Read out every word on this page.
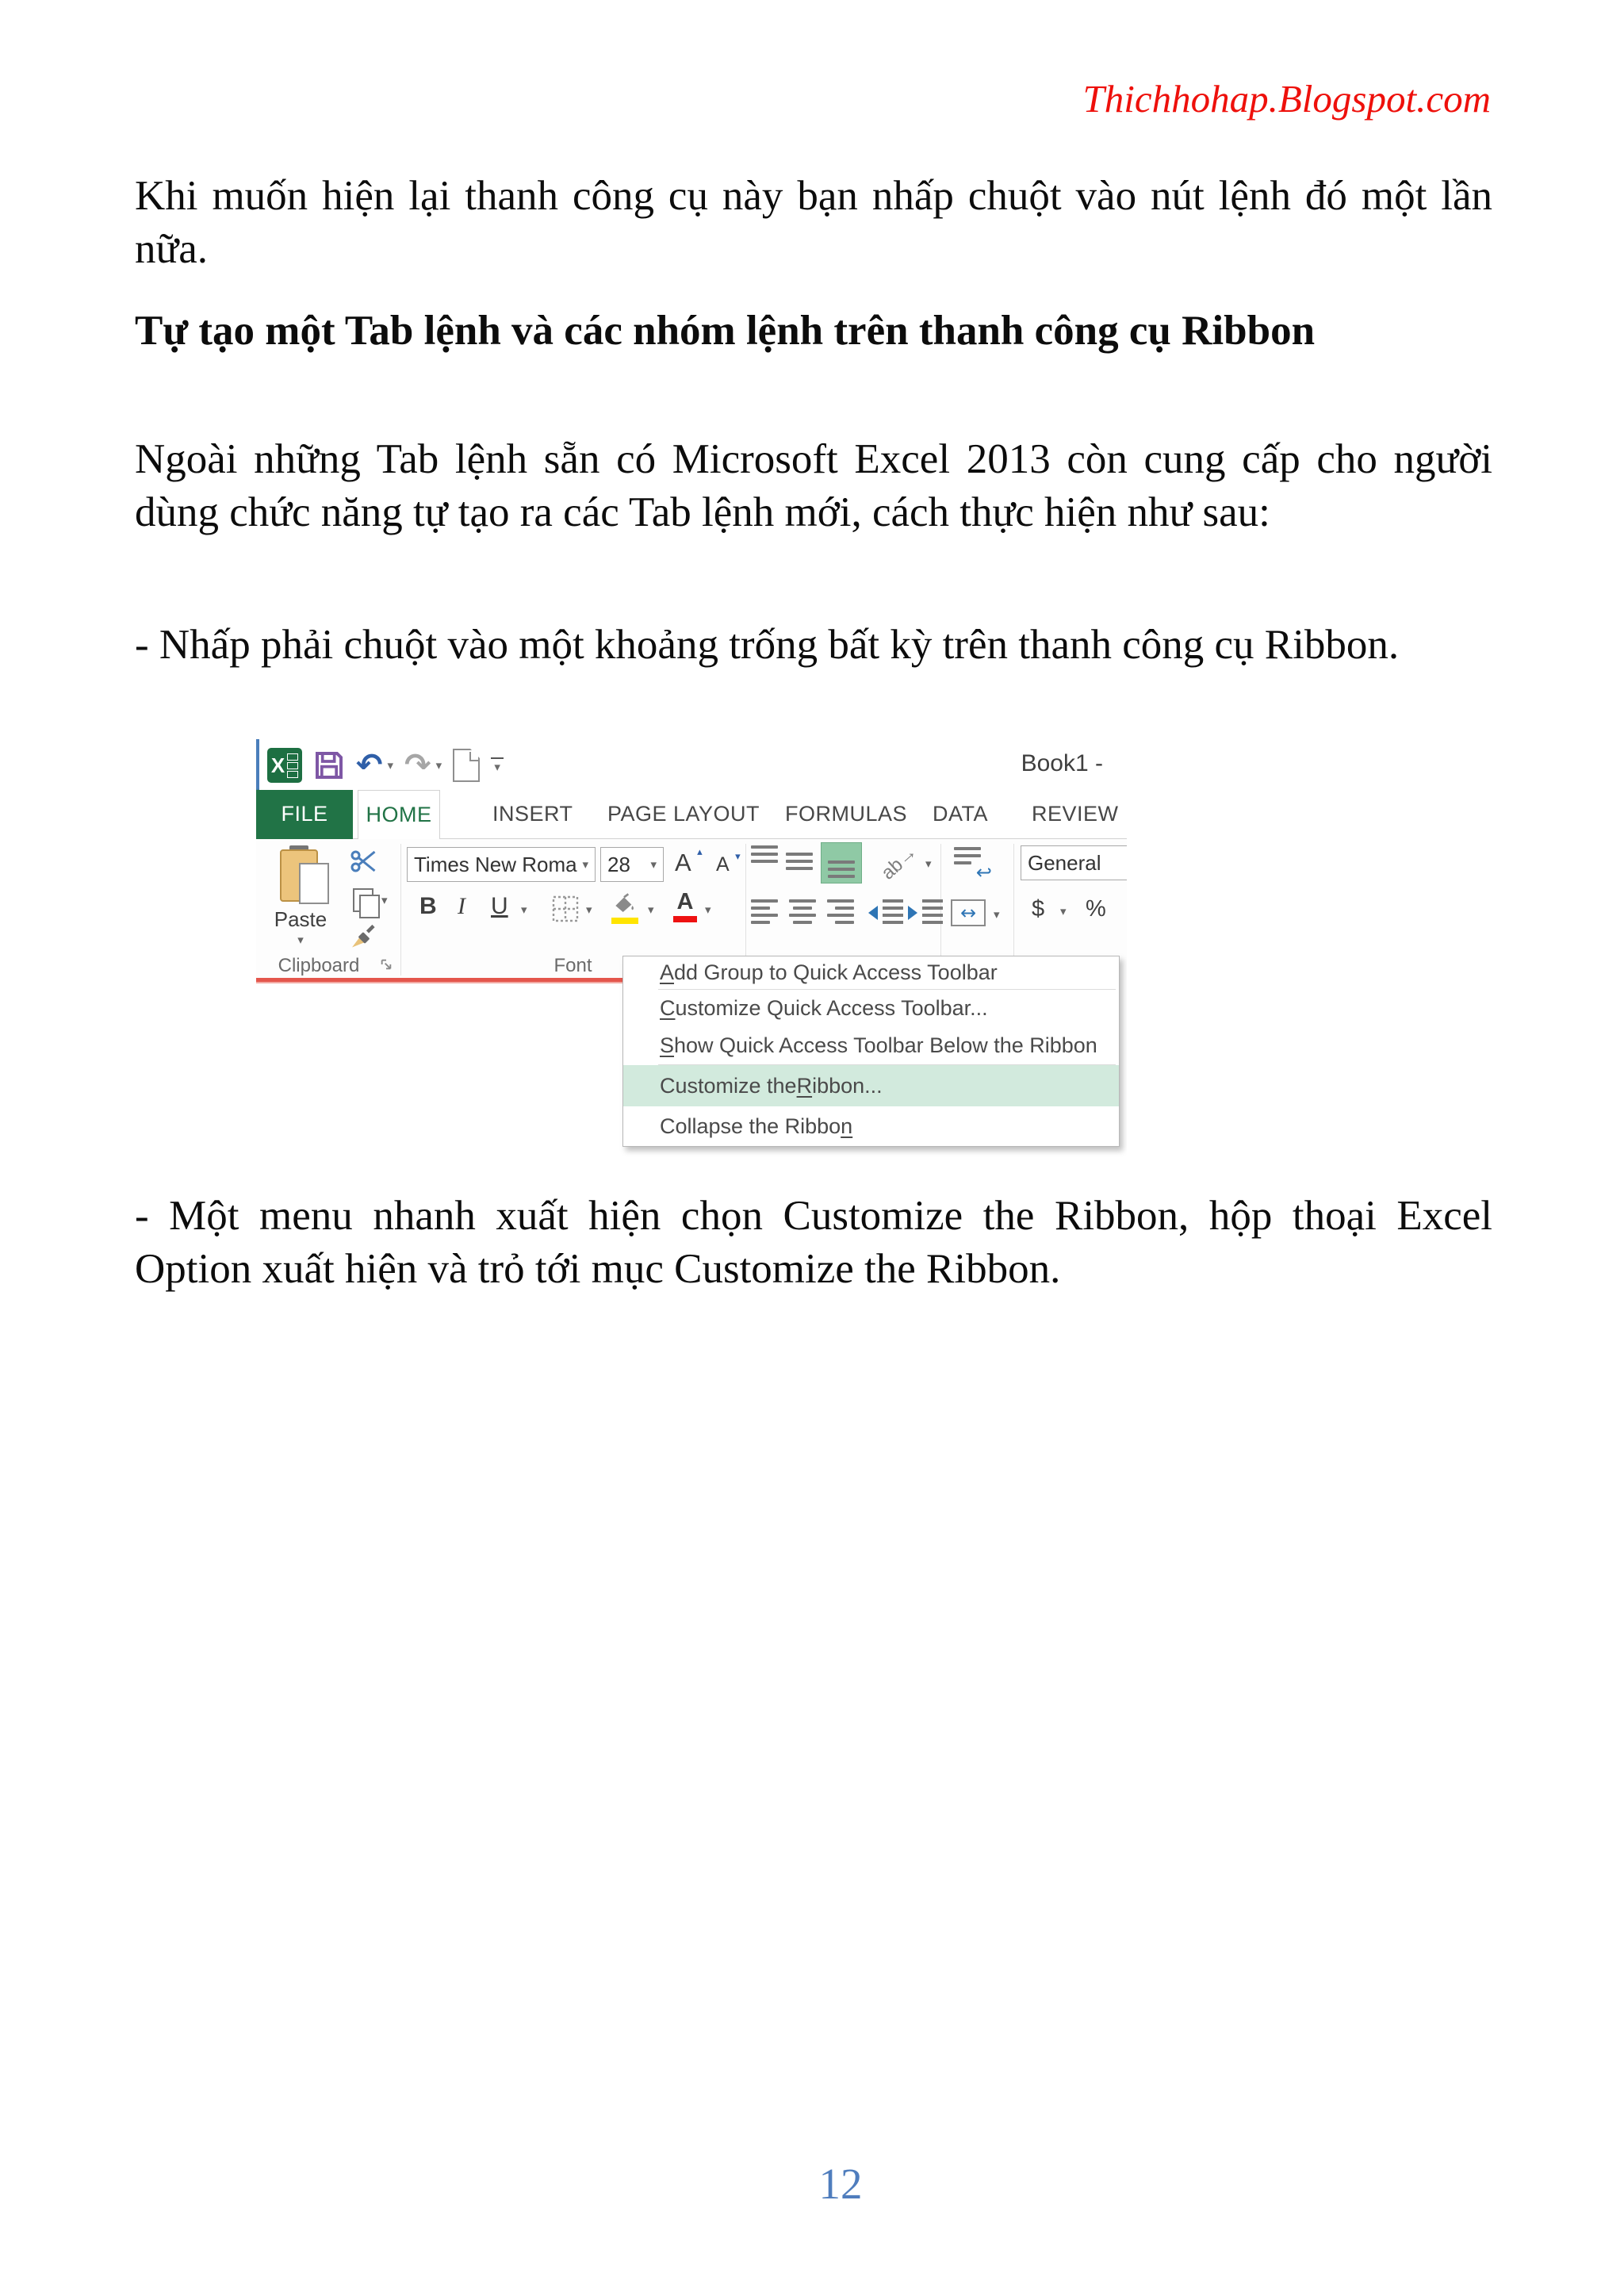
Thichhohap.Blogspot.com
Khi muốn hiện lại thanh công cụ này bạn nhấp chuột vào nút lệnh đó một lần nữa.
Tự tạo một Tab lệnh và các nhóm lệnh trên thanh công cụ Ribbon
Ngoài những Tab lệnh sẵn có Microsoft Excel 2013 còn cung cấp cho người dùng chức năng tự tạo ra các Tab lệnh mới, cách thực hiện như sau:
- Nhấp phải chuột vào một khoảng trống bất kỳ trên thanh công cụ Ribbon.
- Một menu nhanh xuất hiện chọn Customize the Ribbon, hộp thoại Excel Option xuất hiện và trỏ tới mục Customize the Ribbon.
X ↶ ▾ ↷ ▾	▾	Book1 -
FILE	HOME	INSERT PAGE LAYOUT FORMULAS DATA REVIEW
Paste
▾
▾
Clipboard
Times New Roma ▾ 28 ▾ A ▴
A ▾
B I U ▾	▾	▾ A ▾
Font
ab→ ▾ ↩
↔ ▾
General
$ ▾ %
A dd Group to Quick Access Toolbar
C ustomize Quick Access Toolbar...
S how Quick Access Toolbar Below the Ribbon
Customize the R ibbon...
Collapse the Ribbo n
12
